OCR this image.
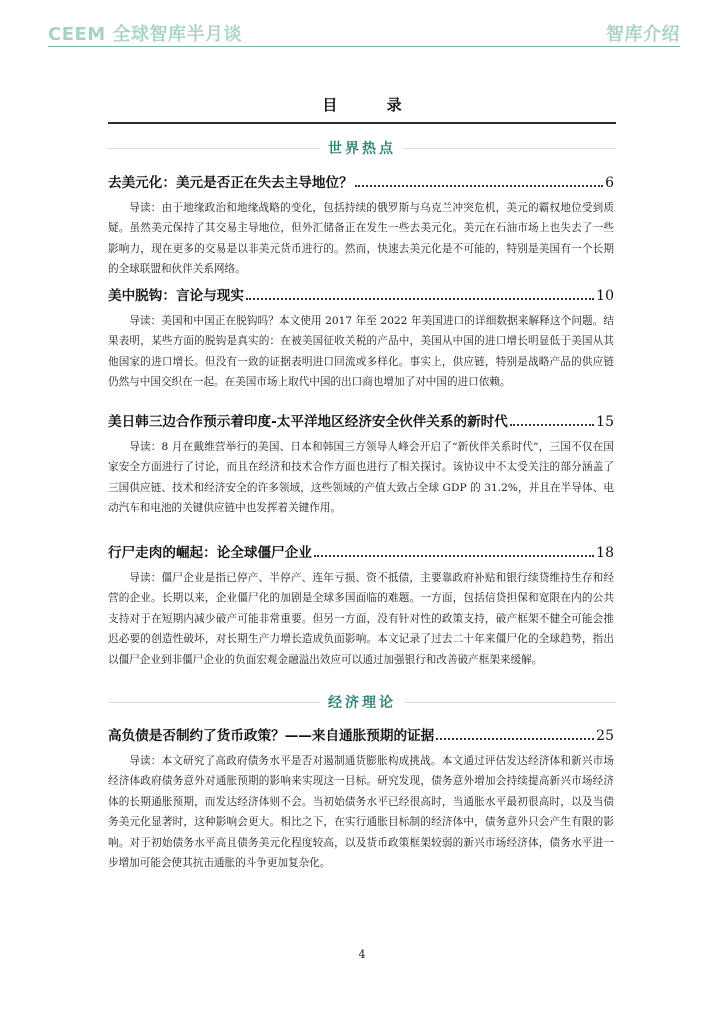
CEEM 全球智库半月谈	智库介绍
目 录
世界热点
去美元化：美元是否正在失去主导地位？	6
导读：由于地缘政治和地缘战略的变化，包括持续的俄罗斯与乌克兰冲突危机，美元的霸权地位受到质疑。虽然美元保持了其交易主导地位，但外汇储备正在发生一些去美元化。美元在石油市场上也失去了一些影响力，现在更多的交易是以非美元货币进行的。然而，快速去美元化是不可能的，特别是美国有一个长期的全球联盟和伙伴关系网络。
美中脱钩：言论与现实	10
导读：美国和中国正在脱钩吗？本文使用 2017 年至 2022 年美国进口的详细数据来解释这个问题。结果表明，某些方面的脱钩是真实的：在被美国征收关税的产品中，美国从中国的进口增长明显低于美国从其他国家的进口增长。但没有一致的证据表明进口回流或多样化。事实上，供应链，特别是战略产品的供应链仍然与中国交织在一起。在美国市场上取代中国的出口商也增加了对中国的进口依赖。
美日韩三边合作预示着印度-太平洋地区经济安全伙伴关系的新时代	15
导读：8 月在戴维营举行的美国、日本和韩国三方领导人峰会开启了“新伙伴关系时代”，三国不仅在国家安全方面进行了讨论，而且在经济和技术合作方面也进行了相关探讨。该协议中不太受关注的部分涵盖了三国供应链、技术和经济安全的许多领域，这些领域的产值大致占全球 GDP 的 31.2%，并且在半导体、电动汽车和电池的关键供应链中也发挥着关键作用。
行尸走肉的崛起：论全球僵尸企业	18
导读：僵尸企业是指已停产、半停产、连年亏损、资不抵债，主要靠政府补贴和银行续贷维持生存和经营的企业。长期以来，企业僵尸化的加剧是全球多国面临的难题。一方面，包括信贷担保和宽限在内的公共支持对于在短期内减少破产可能非常重要。但另一方面，没有针对性的政策支持，破产框架不健全可能会推迟必要的创造性破坏，对长期生产力增长造成负面影响。本文记录了过去二十年来僵尸化的全球趋势，指出以僵尸企业到非僵尸企业的负面宏观金融溢出效应可以通过加强银行和改善破产框架来缓解。
经济理论
高负债是否制约了货币政策？——来自通胀预期的证据	25
导读：本文研究了高政府债务水平是否对遏制通货膨胀构成挑战。本文通过评估发达经济体和新兴市场经济体政府债务意外对通胀预期的影响来实现这一目标。研究发现，债务意外增加会持续提高新兴市场经济体的长期通胀预期，而发达经济体则不会。当初始债务水平已经很高时，当通胀水平最初很高时，以及当债务美元化显著时，这种影响会更大。相比之下，在实行通胀目标制的经济体中，债务意外只会产生有限的影响。对于初始债务水平高且债务美元化程度较高，以及货币政策框架较弱的新兴市场经济体，债务水平进一步增加可能会使其抗击通胀的斗争更加复杂化。
4
